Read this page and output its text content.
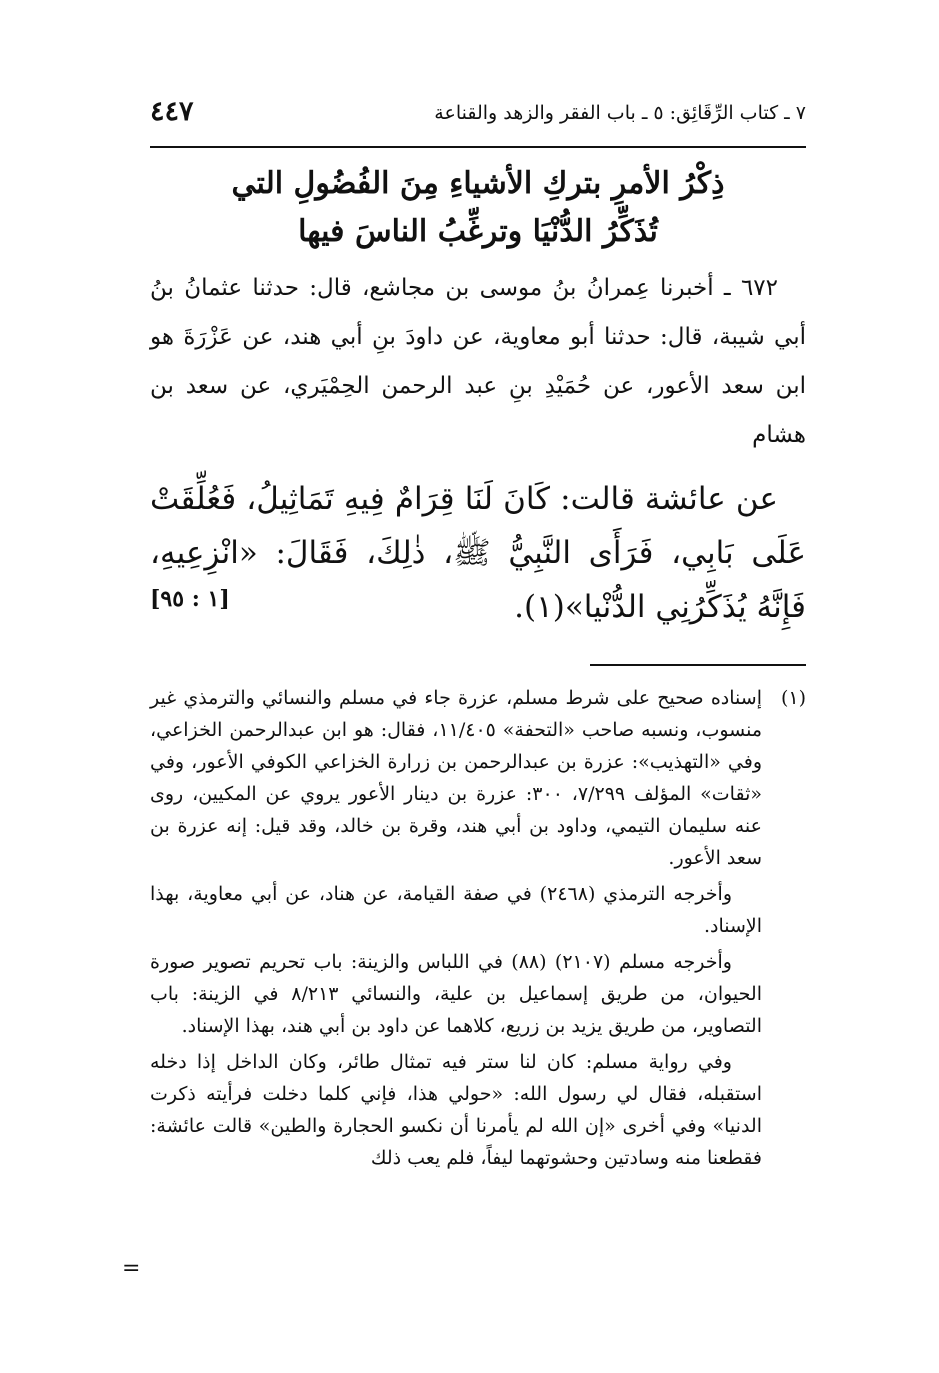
٧ ـ كتاب الرِّقَائِق: ٥ ـ باب الفقر والزهد والقناعة
٤٤٧
ذِكْرُ الأمرِ بتركِ الأشياءِ مِنَ الفُضُولِ التي
تُذَكِّرُ الدُّنْيَا وترغِّبُ الناسَ فيها

٦٧٢ ـ أخبرنا عِمرانُ بنُ موسى بن مجاشع، قال: حدثنا عثمانُ بنُ أبي شيبة، قال: حدثنا أبو معاوية، عن داودَ بنِ أبي هند، عن عَزْرَةَ هو ابن سعد الأعور، عن حُمَيْدِ بنِ عبد الرحمن الحِمْيَري، عن سعد بن هشام

عن عائشة قالت: كَانَ لَنَا قِرَامٌ فِيهِ تَمَاثِيلُ، فَعُلِّقَتْ عَلَى بَابِي، فَرَأَى النَّبِيُّ ﷺ، ذٰلِكَ، فَقَالَ: «انْزِعِيهِ، فَإِنَّهُ يُذَكِّرُنِي الدُّنْيا»(١).

[١ : ٩٥]

(١)
إسناده صحيح على شرط مسلم، عزرة جاء في مسلم والنسائي والترمذي غير منسوب، ونسبه صاحب «التحفة» ١١/٤٠٥، فقال: هو ابن عبدالرحمن الخزاعي، وفي «التهذيب»: عزرة بن عبدالرحمن بن زرارة الخزاعي الكوفي الأعور، وفي «ثقات» المؤلف ٧/٢٩٩، ٣٠٠: عزرة بن دينار الأعور يروي عن المكيين، روى عنه سليمان التيمي، وداود بن أبي هند، وقرة بن خالد، وقد قيل: إنه عزرة بن سعد الأعور.

وأخرجه الترمذي (٢٤٦٨) في صفة القيامة، عن هناد، عن أبي معاوية، بهذا الإسناد.

وأخرجه مسلم (٢١٠٧) (٨٨) في اللباس والزينة: باب تحريم تصوير صورة الحيوان، من طريق إسماعيل بن علية، والنسائي ٨/٢١٣ في الزينة: باب التصاوير، من طريق يزيد بن زريع، كلاهما عن داود بن أبي هند، بهذا الإسناد.

وفي رواية مسلم: كان لنا ستر فيه تمثال طائر، وكان الداخل إذا دخله استقبله، فقال لي رسول الله: «حولي هذا، فإني كلما دخلت فرأيته ذكرت الدنيا» وفي أخرى «إن الله لم يأمرنا أن نكسو الحجارة والطين» قالت عائشة: فقطعنا منه وسادتين وحشوتهما ليفاً، فلم يعب ذلك

=
